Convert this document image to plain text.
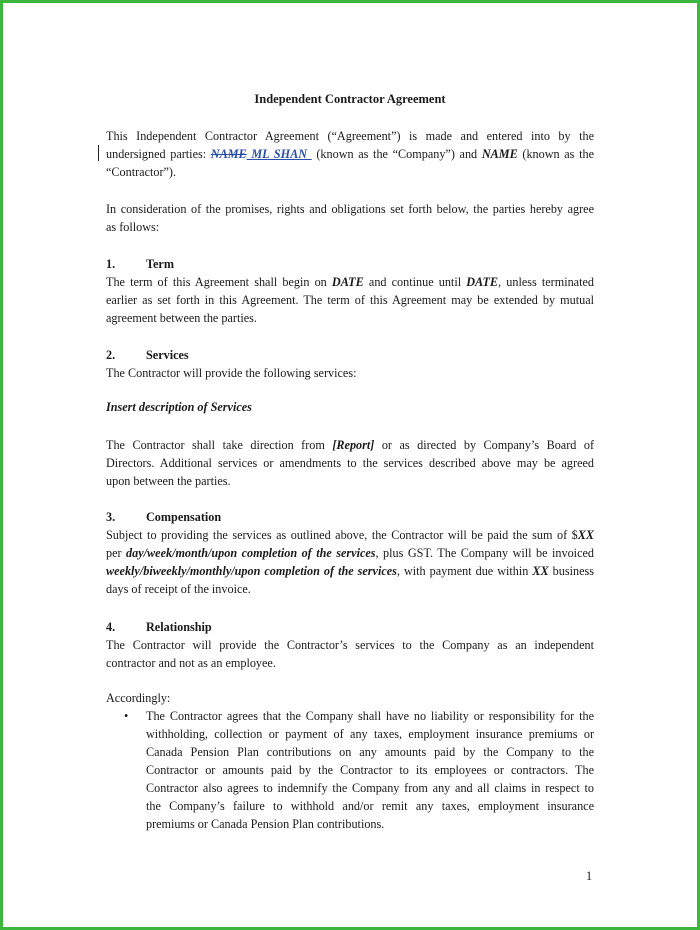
Independent Contractor Agreement
This Independent Contractor Agreement (“Agreement”) is made and entered into by the
undersigned parties: NAME ML SHAN  (known as the “Company”) and NAME (known as the
“Contractor”).
In consideration of the promises, rights and obligations set forth below, the parties hereby agree
as follows:
1.	Term
The term of this Agreement shall begin on DATE and continue until DATE, unless terminated
earlier as set forth in this Agreement. The term of this Agreement may be extended by mutual
agreement between the parties.
2.	Services
The Contractor will provide the following services:
Insert description of Services
The Contractor shall take direction from [Report] or as directed by Company’s Board of
Directors. Additional services or amendments to the services described above may be agreed
upon between the parties.
3.	Compensation
Subject to providing the services as outlined above, the Contractor will be paid the sum of $XX
per day/week/month/upon completion of the services, plus GST. The Company will be invoiced
weekly/biweekly/monthly/upon completion of the services, with payment due within XX business
days of receipt of the invoice.
4.	Relationship
The Contractor will provide the Contractor’s services to the Company as an independent
contractor and not as an employee.
Accordingly:
• The Contractor agrees that the Company shall have no liability or responsibility for the
withholding, collection or payment of any taxes, employment insurance premiums or
Canada Pension Plan contributions on any amounts paid by the Company to the
Contractor or amounts paid by the Contractor to its employees or contractors. The
Contractor also agrees to indemnify the Company from any and all claims in respect to
the Company’s failure to withhold and/or remit any taxes, employment insurance
premiums or Canada Pension Plan contributions.
1
